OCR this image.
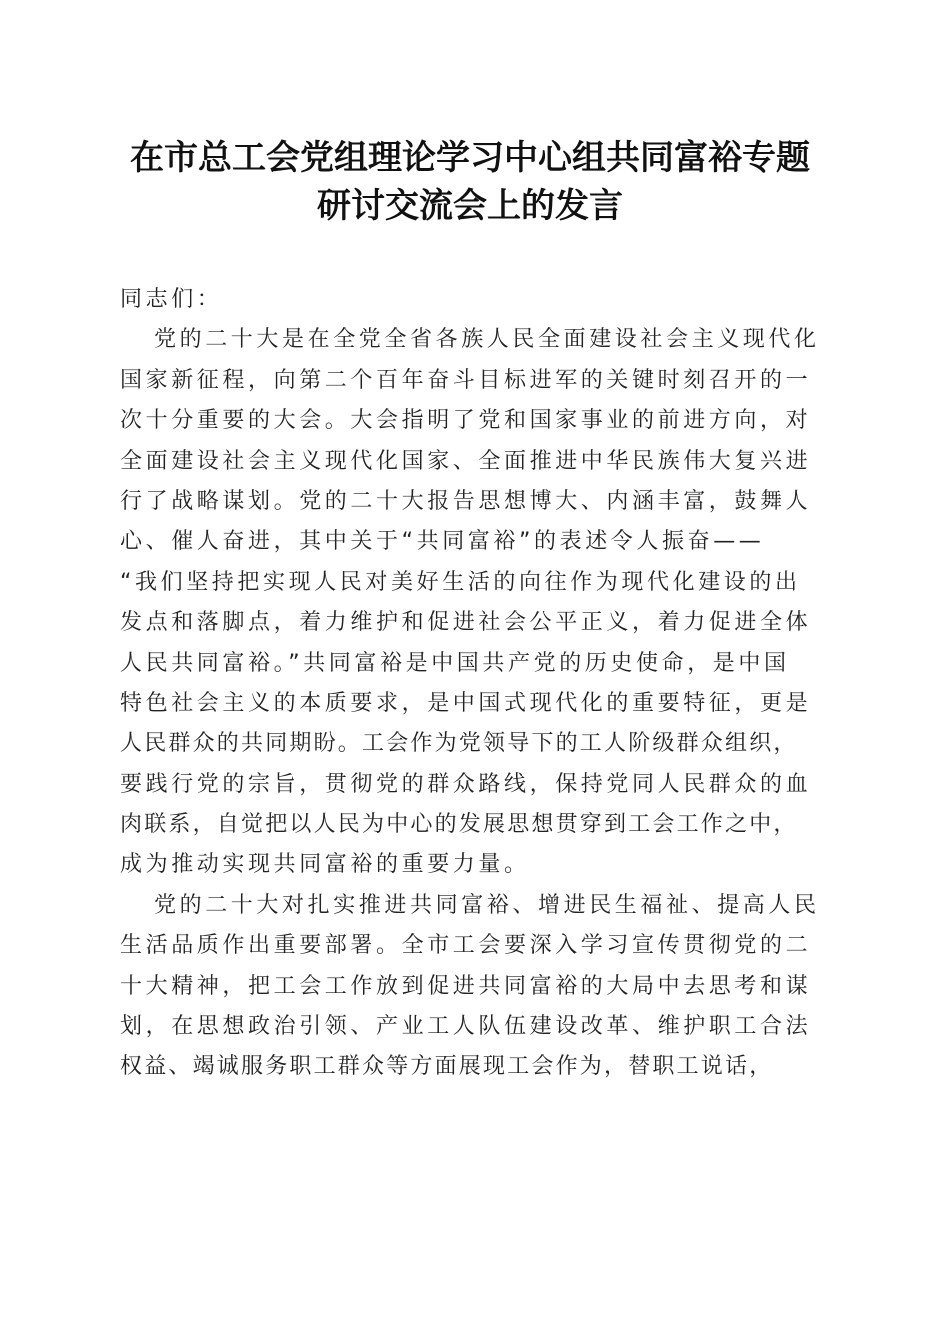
在市总工会党组理论学习中心组共同富裕专题
研讨交流会上的发言
同志们：
党的二十大是在全党全省各族人民全面建设社会主义现代化
国家新征程，向第二个百年奋斗目标进军的关键时刻召开的一
次十分重要的大会。大会指明了党和国家事业的前进方向，对
全面建设社会主义现代化国家、全面推进中华民族伟大复兴进
行了战略谋划。党的二十大报告思想博大、内涵丰富，鼓舞人
心、催人奋进，其中关于“共同富裕”的表述令人振奋——
“我们坚持把实现人民对美好生活的向往作为现代化建设的出
发点和落脚点，着力维护和促进社会公平正义，着力促进全体
人民共同富裕。”共同富裕是中国共产党的历史使命，是中国
特色社会主义的本质要求，是中国式现代化的重要特征，更是
人民群众的共同期盼。工会作为党领导下的工人阶级群众组织，
要践行党的宗旨，贯彻党的群众路线，保持党同人民群众的血
肉联系，自觉把以人民为中心的发展思想贯穿到工会工作之中，
成为推动实现共同富裕的重要力量。
党的二十大对扎实推进共同富裕、增进民生福祉、提高人民
生活品质作出重要部署。全市工会要深入学习宣传贯彻党的二
十大精神，把工会工作放到促进共同富裕的大局中去思考和谋
划，在思想政治引领、产业工人队伍建设改革、维护职工合法
权益、竭诚服务职工群众等方面展现工会作为，替职工说话，
